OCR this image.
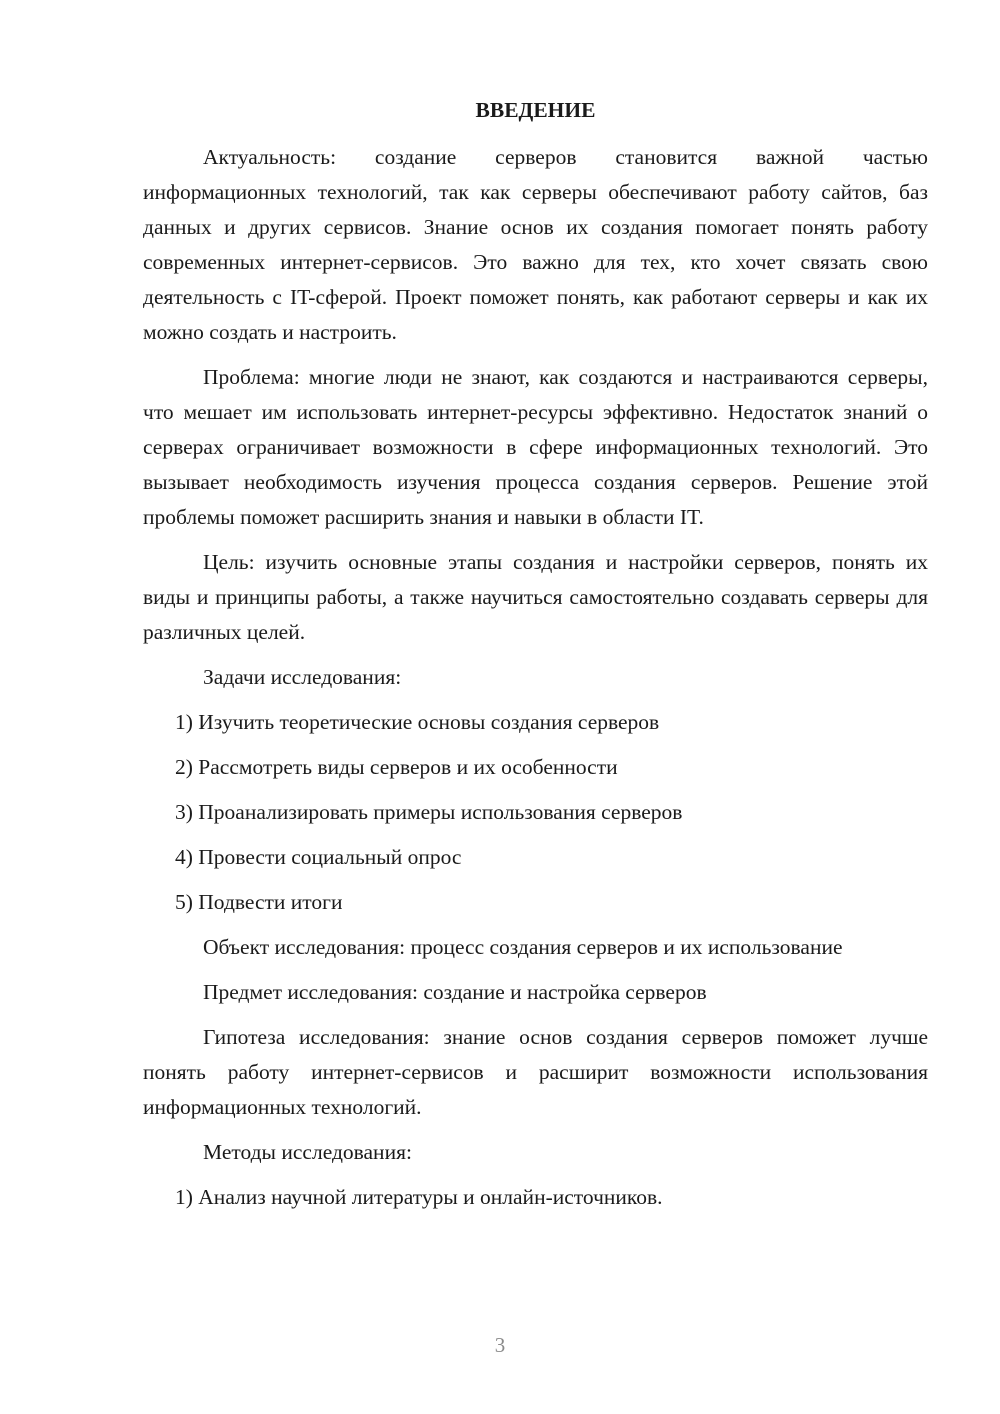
ВВЕДЕНИЕ

Актуальность: создание серверов становится важной частью информационных технологий, так как серверы обеспечивают работу сайтов, баз данных и других сервисов. Знание основ их создания помогает понять работу современных интернет-сервисов. Это важно для тех, кто хочет связать свою деятельность с IT-сферой. Проект поможет понять, как работают серверы и как их можно создать и настроить.

Проблема: многие люди не знают, как создаются и настраиваются серверы, что мешает им использовать интернет-ресурсы эффективно. Недостаток знаний о серверах ограничивает возможности в сфере информационных технологий. Это вызывает необходимость изучения процесса создания серверов. Решение этой проблемы поможет расширить знания и навыки в области IT.

Цель: изучить основные этапы создания и настройки серверов, понять их виды и принципы работы, а также научиться самостоятельно создавать серверы для различных целей.

Задачи исследования:

1) Изучить теоретические основы создания серверов

2) Рассмотреть виды серверов и их особенности

3) Проанализировать примеры использования серверов

4) Провести социальный опрос

5) Подвести итоги

Объект исследования: процесс создания серверов и их использование

Предмет исследования: создание и настройка серверов

Гипотеза исследования: знание основ создания серверов поможет лучше понять работу интернет-сервисов и расширит возможности использования информационных технологий.

Методы исследования:

1) Анализ научной литературы и онлайн-источников.

3
